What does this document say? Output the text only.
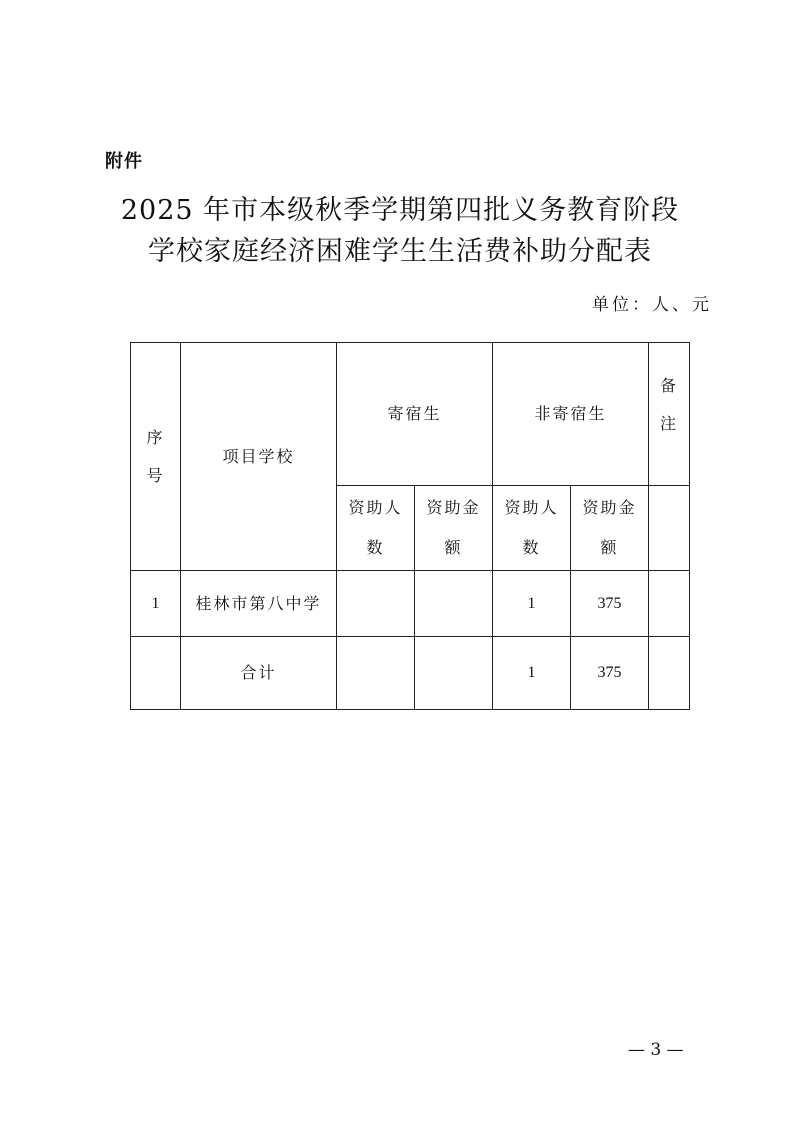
附件
2025 年市本级秋季学期第四批义务教育阶段
学校家庭经济困难学生生活费补助分配表
单位：人、元
序号	项目学校	寄宿生		非寄宿生		备注

		资助人数	资助金额	资助人数	资助金额	

1	桂林市第八中学			1	375	
	合计			1	375	
— 3 —
